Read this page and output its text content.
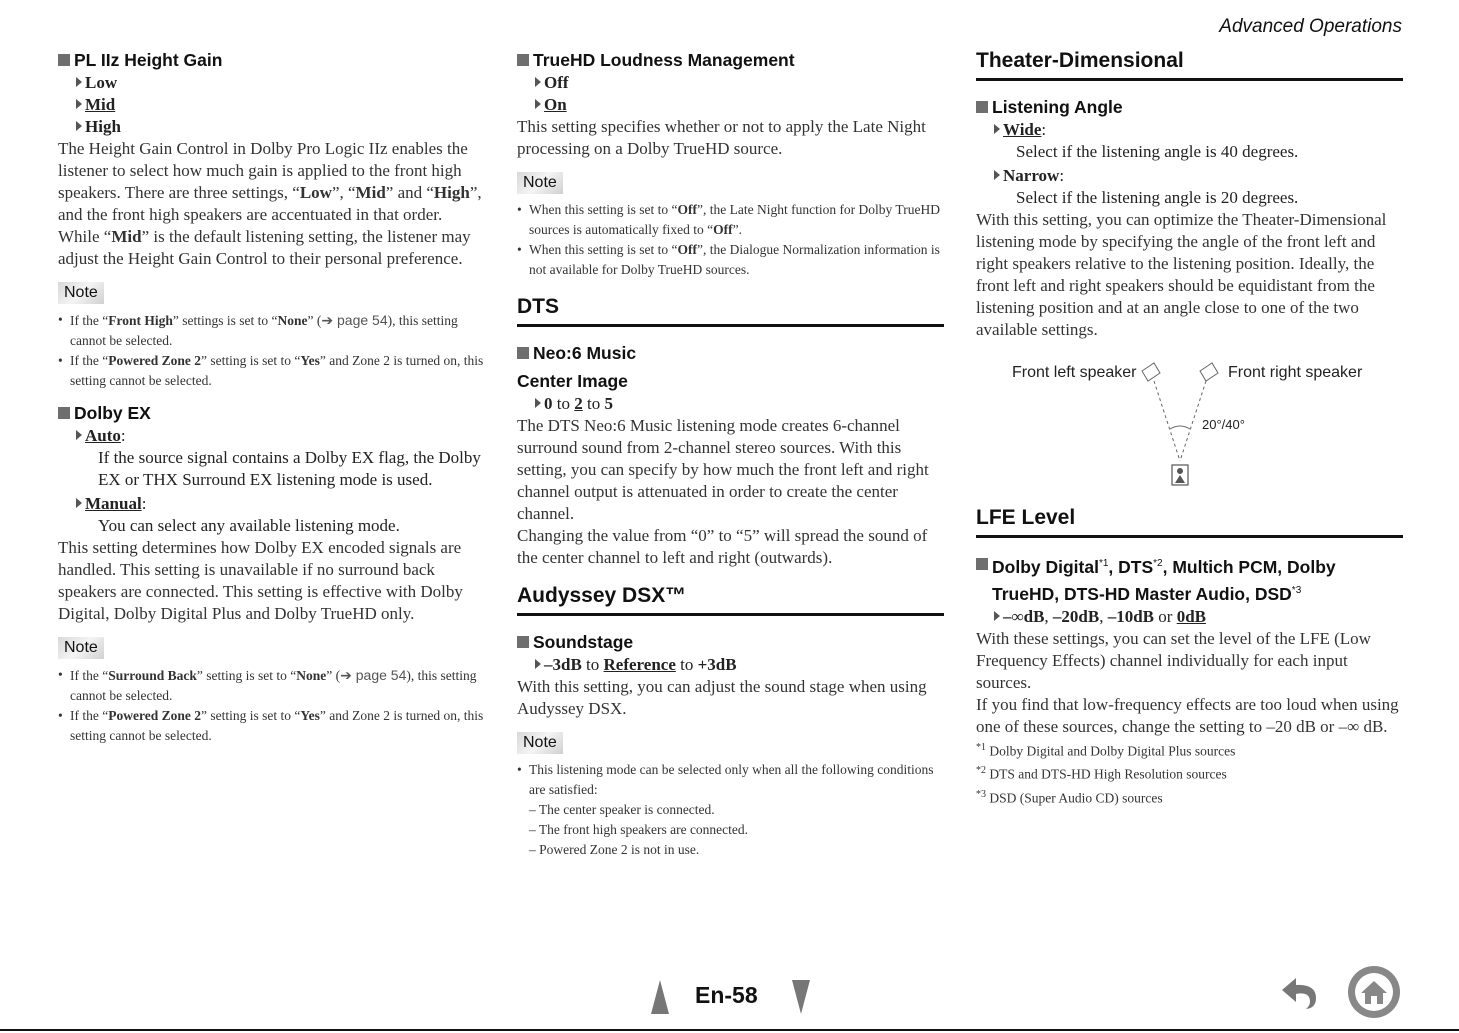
Advanced Operations
PL IIz Height Gain
Low
Mid
High

The Height Gain Control in Dolby Pro Logic IIz enables the listener to select how much gain is applied to the front high speakers. There are three settings, “Low”, “Mid” and “High”, and the front high speakers are accentuated in that order. While “Mid” is the default listening setting, the listener may adjust the Height Gain Control to their personal preference.

Note
• If the “Front High” settings is set to “None” (➔ page 54), this setting cannot be selected.
• If the “Powered Zone 2” setting is set to “Yes” and Zone 2 is turned on, this setting cannot be selected.
Dolby EX
Auto:
If the source signal contains a Dolby EX flag, the Dolby EX or THX Surround EX listening mode is used.
Manual:
You can select any available listening mode.

This setting determines how Dolby EX encoded signals are handled. This setting is unavailable if no surround back speakers are connected. This setting is effective with Dolby Digital, Dolby Digital Plus and Dolby TrueHD only.

Note
• If the “Surround Back” setting is set to “None” (➔ page 54), this setting cannot be selected.
• If the “Powered Zone 2” setting is set to “Yes” and Zone 2 is turned on, this setting cannot be selected.
TrueHD Loudness Management
Off
On

This setting specifies whether or not to apply the Late Night processing on a Dolby TrueHD source.

Note
• When this setting is set to “Off”, the Late Night function for Dolby TrueHD sources is automatically fixed to “Off”.
• When this setting is set to “Off”, the Dialogue Normalization information is not available for Dolby TrueHD sources.
DTS
Neo:6 Music
Center Image
0 to 2 to 5

The DTS Neo:6 Music listening mode creates 6-channel surround sound from 2-channel stereo sources. With this setting, you can specify by how much the front left and right channel output is attenuated in order to create the center channel.

Changing the value from “0” to “5” will spread the sound of the center channel to left and right (outwards).

Audyssey DSX™
Soundstage
–3dB to Reference to +3dB

With this setting, you can adjust the sound stage when using Audyssey DSX.

Note
• This listening mode can be selected only when all the following conditions are satisfied:
– The center speaker is connected.
– The front high speakers are connected.
– Powered Zone 2 is not in use.
Theater-Dimensional
Listening Angle
Wide:
Select if the listening angle is 40 degrees.
Narrow:
Select if the listening angle is 20 degrees.

With this setting, you can optimize the Theater-Dimensional listening mode by specifying the angle of the front left and right speakers relative to the listening position. Ideally, the front left and right speakers should be equidistant from the listening position and at an angle close to one of the two available settings.

Front left speaker	Front right speaker
20°/40°
LFE Level
Dolby Digital$^{*1}$, DTS$^{*2}$, Multich PCM, Dolby TrueHD, DTS-HD Master Audio, DSD$^{*3}$
–∞dB, –20dB, –10dB or 0dB

With these settings, you can set the level of the LFE (Low Frequency Effects) channel individually for each input sources.

If you find that low-frequency effects are too loud when using one of these sources, change the setting to –20 dB or –∞ dB.

$^{*1}$ Dolby Digital and Dolby Digital Plus sources
$^{*2}$ DTS and DTS-HD High Resolution sources
$^{*3}$ DSD (Super Audio CD) sources
En-58
